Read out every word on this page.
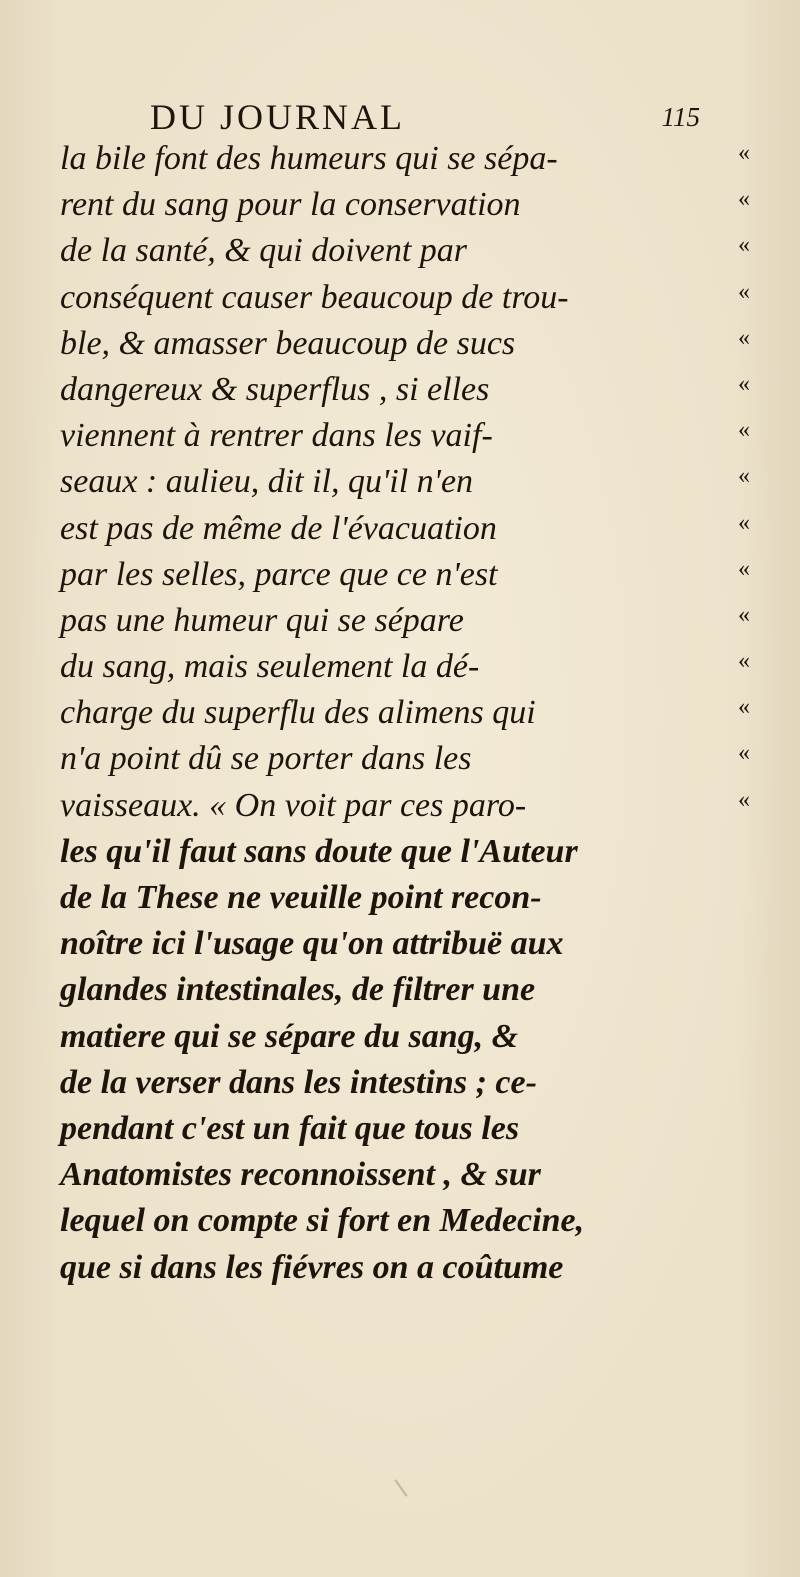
DU JOURNAL	115
la bile font des humeurs qui se sépa-	«
rent du sang pour la conservation	«
de la santé, & qui doivent par	«
conséquent causer beaucoup de trou-	«
ble, & amasser beaucoup de sucs	«
dangereux & superflus , si elles	«
viennent à rentrer dans les vaif-	«
seaux : aulieu, dit il, qu'il n'en	«
est pas de même de l'évacuation	«
par les selles, parce que ce n'est	«
pas une humeur qui se sépare	«
du sang, mais seulement la dé-	«
charge du superflu des alimens qui	«
n'a point dû se porter dans les	«
vaisseaux. « On voit par ces paro-	«
les qu'il faut sans doute que l'Auteur
de la These ne veuille point recon-
noître ici l'usage qu'on attribuë aux
glandes intestinales, de filtrer une
matiere qui se sépare du sang, &
de la verser dans les intestins ; ce-
pendant c'est un fait que tous les
Anatomistes reconnoissent , & sur
lequel on compte si fort en Medecine,
que si dans les fiévres on a coûtume
